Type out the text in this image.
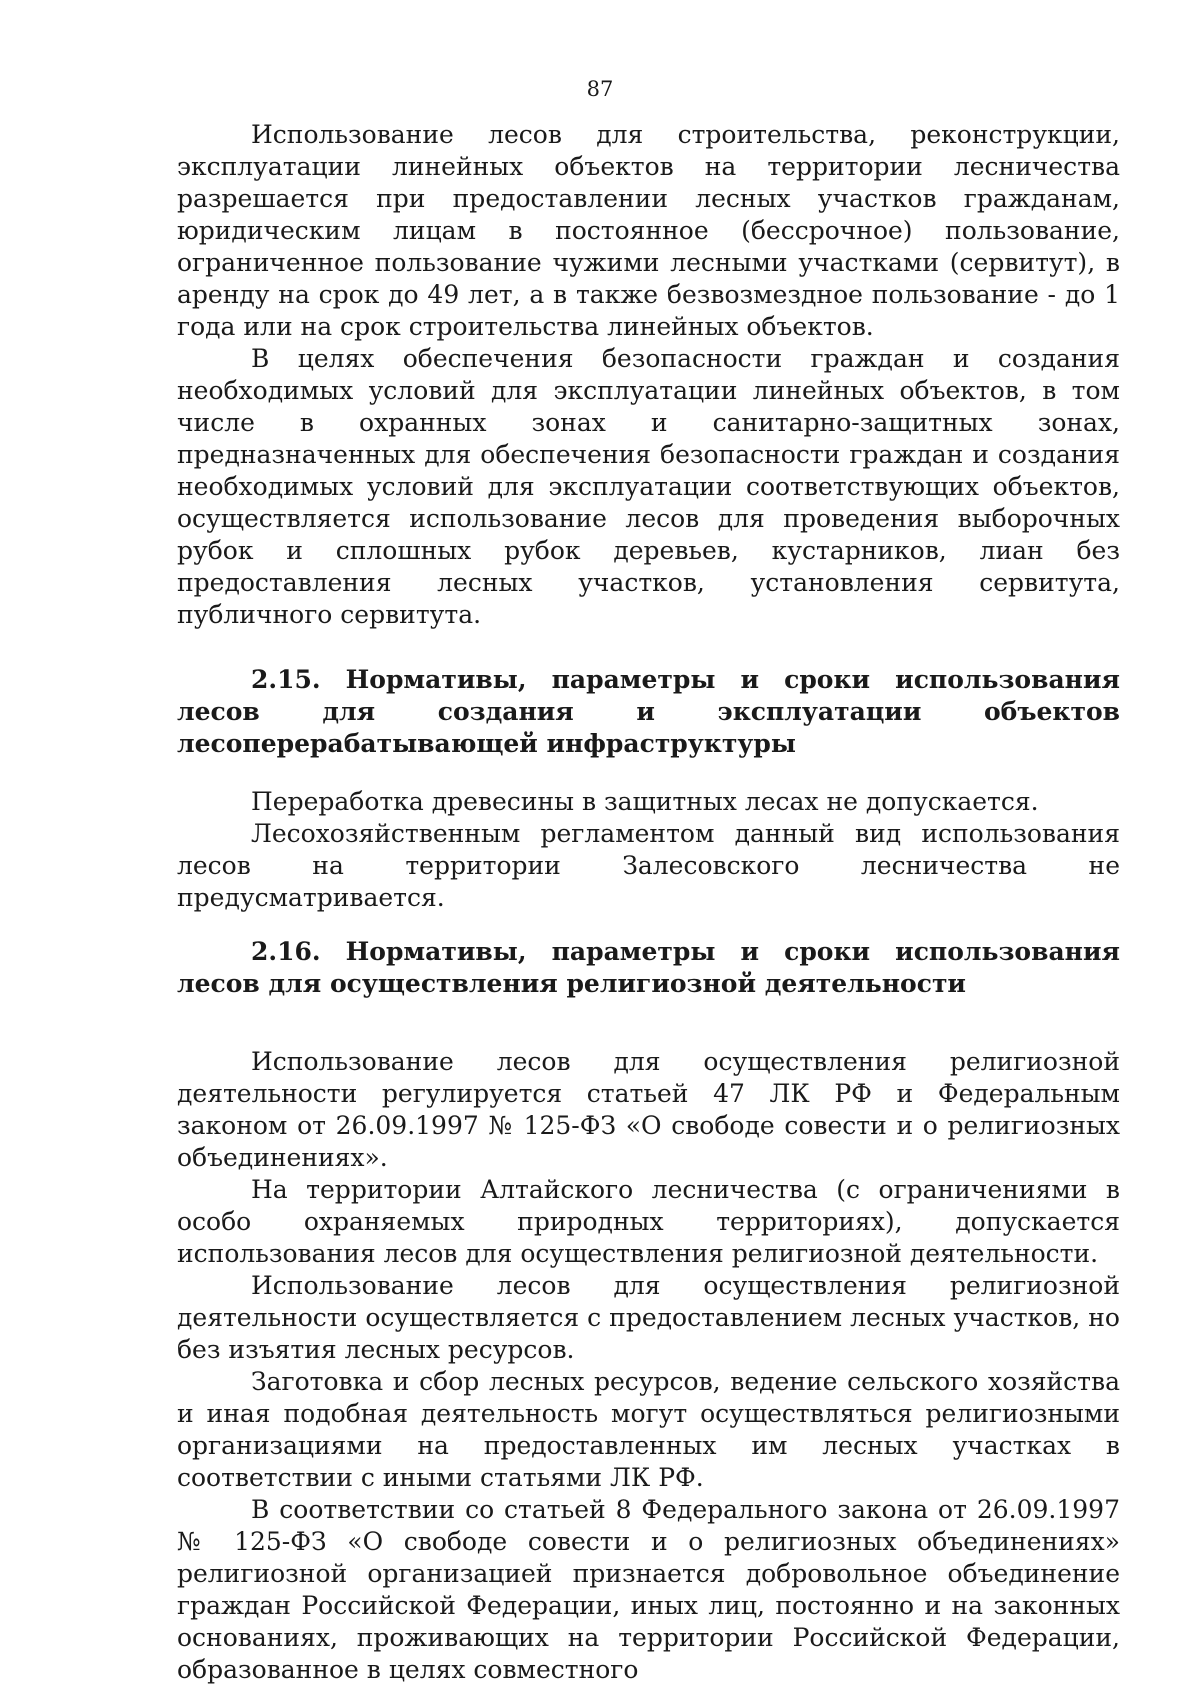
87

Использование лесов для строительства, реконструкции, эксплуатации линейных объектов на территории лесничества разрешается при предоставлении лесных участков гражданам, юридическим лицам в постоянное (бессрочное) пользование, ограниченное пользование чужими лесными участками (сервитут), в аренду на срок до 49 лет, а в также безвозмездное пользование - до 1 года или на срок строительства линейных объектов.

В целях обеспечения безопасности граждан и создания необходимых условий для эксплуатации линейных объектов, в том числе в охранных зонах и санитарно-защитных зонах, предназначенных для обеспечения безопасности граждан и создания необходимых условий для эксплуатации соответствующих объектов, осуществляется использование лесов для проведения выборочных рубок и сплошных рубок деревьев, кустарников, лиан без предоставления лесных участков, установления сервитута, публичного сервитута.

2.15. Нормативы, параметры и сроки использования лесов для создания и эксплуатации объектов лесоперерабатывающей инфраструктуры

Переработка древесины в защитных лесах не допускается.

Лесохозяйственным регламентом данный вид использования лесов на территории Залесовского лесничества не предусматривается.

2.16. Нормативы, параметры и сроки использования лесов для осуществления религиозной деятельности

Использование лесов для осуществления религиозной деятельности регулируется статьей 47 ЛК РФ и Федеральным законом от 26.09.1997 № 125-ФЗ «О свободе совести и о религиозных объединениях».

На территории Алтайского лесничества (с ограничениями в особо охраняемых природных территориях), допускается использования лесов для осуществления религиозной деятельности.

Использование лесов для осуществления религиозной деятельности осуществляется с предоставлением лесных участков, но без изъятия лесных ресурсов.

Заготовка и сбор лесных ресурсов, ведение сельского хозяйства и иная подобная деятельность могут осуществляться религиозными организациями на предоставленных им лесных участках в соответствии с иными статьями ЛК РФ.

В соответствии со статьей 8 Федерального закона от 26.09.1997 № 125-ФЗ «О свободе совести и о религиозных объединениях» религиозной организацией признается добровольное объединение граждан Российской Федерации, иных лиц, постоянно и на законных основаниях, проживающих на территории Российской Федерации, образованное в целях совместного
